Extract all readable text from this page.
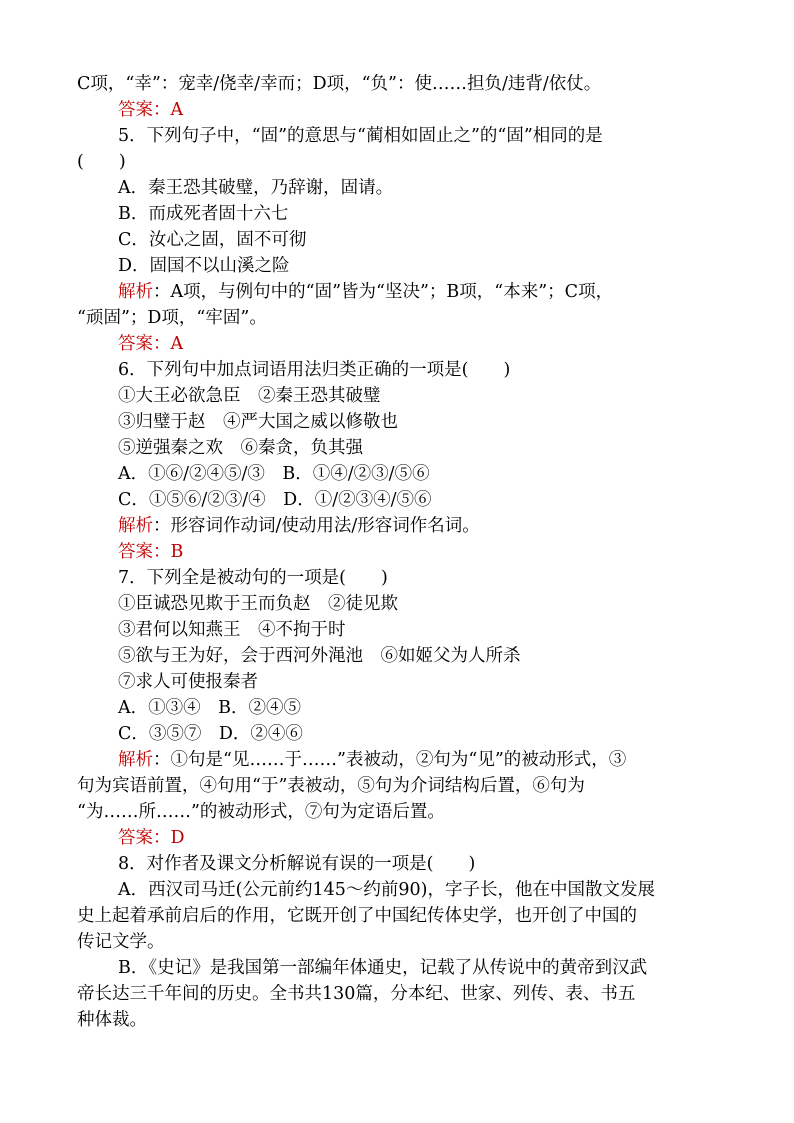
C项，“幸”：宠幸/侥幸/幸而；D项，“负”：使……担负/违背/依仗。
答案：A
5．下列句子中，“固”的意思与“蔺相如固止之”的“固”相同的是
(　　)
A．秦王恐其破璧，乃辞谢，固请。
B．而成死者固十六七
C．汝心之固，固不可彻
D．固国不以山溪之险
解析：A项，与例句中的“固”皆为“坚决”；B项，“本来”；C项，
“顽固”；D项，“牢固”。
答案：A
6．下列句中加点词语用法归类正确的一项是(　　)
①大王必欲急臣　②秦王恐其破璧
③归璧于赵　④严大国之威以修敬也
⑤逆强秦之欢　⑥秦贪，负其强
A．①⑥/②④⑤/③　B．①④/②③/⑤⑥
C．①⑤⑥/②③/④　D．①/②③④/⑤⑥
解析：形容词作动词/使动用法/形容词作名词。
答案：B
7．下列全是被动句的一项是(　　)
①臣诚恐见欺于王而负赵　②徒见欺
③君何以知燕王　④不拘于时
⑤欲与王为好，会于西河外渑池　⑥如姬父为人所杀
⑦求人可使报秦者
A．①③④　B．②④⑤
C．③⑤⑦　D．②④⑥
解析：①句是“见……于……”表被动，②句为“见”的被动形式，③
句为宾语前置，④句用“于”表被动，⑤句为介词结构后置，⑥句为
“为……所……”的被动形式，⑦句为定语后置。
答案：D
8．对作者及课文分析解说有误的一项是(　　)
A．西汉司马迁(公元前约145～约前90)，字子长，他在中国散文发展
史上起着承前启后的作用，它既开创了中国纪传体史学，也开创了中国的
传记文学。
B．《史记》是我国第一部编年体通史，记载了从传说中的黄帝到汉武
帝长达三千年间的历史。全书共130篇，分本纪、世家、列传、表、书五
种体裁。
